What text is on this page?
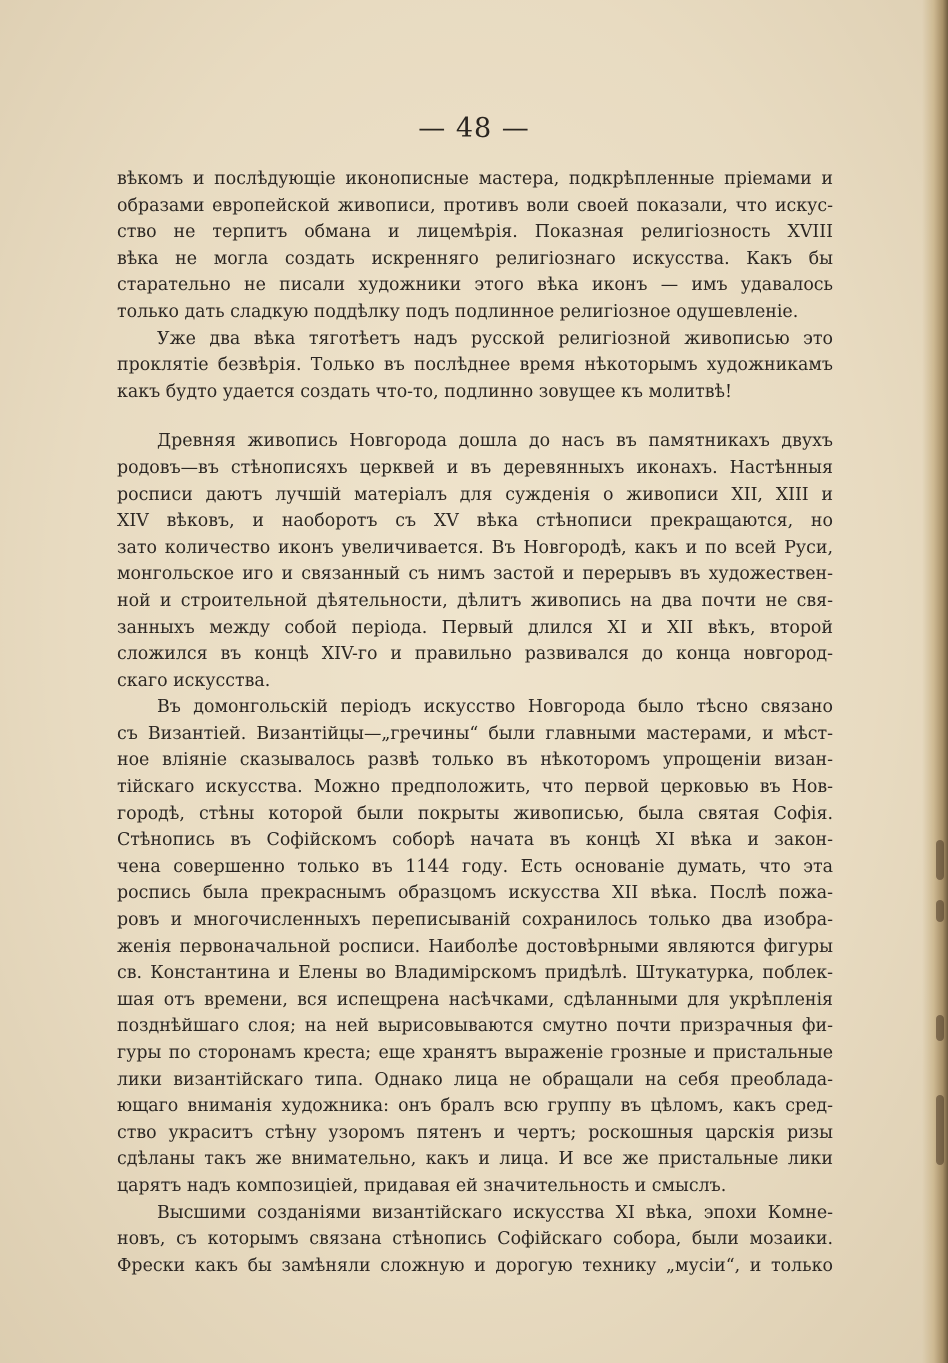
— 48 —
вѣкомъ и послѣдующіе иконописные мастера, подкрѣпленные пріемами и
образами европейской живописи, противъ воли своей показали, что искус-
ство не терпитъ обмана и лицемѣрія. Показная религіозность XVIII
вѣка не могла создать искренняго религіознаго искусства. Какъ бы
старательно не писали художники этого вѣка иконъ — имъ удавалось
только дать сладкую поддѣлку подъ подлинное религіозное одушевленіе.
Уже два вѣка тяготѣетъ надъ русской религіозной живописью это
проклятіе безвѣрія. Только въ послѣднее время нѣкоторымъ художникамъ
какъ будто удается создать что-то, подлинно зовущее къ молитвѣ!
Древняя живопись Новгорода дошла до насъ въ памятникахъ двухъ
родовъ—въ стѣнописяхъ церквей и въ деревянныхъ иконахъ. Настѣнныя
росписи даютъ лучшій матеріалъ для сужденія о живописи XII, XIII и
XIV вѣковъ, и наоборотъ съ XV вѣка стѣнописи прекращаются, но
зато количество иконъ увеличивается. Въ Новгородѣ, какъ и по всей Руси,
монгольское иго и связанный съ нимъ застой и перерывъ въ художествен-
ной и строительной дѣятельности, дѣлитъ живопись на два почти не свя-
занныхъ между собой періода. Первый длился XI и XII вѣкъ, второй
сложился въ концѣ XIV-го и правильно развивался до конца новгород-
скаго искусства.
Въ домонгольскій періодъ искусство Новгорода было тѣсно связано
съ Византіей. Византійцы—„гречины“ были главными мастерами, и мѣст-
ное вліяніе сказывалось развѣ только въ нѣкоторомъ упрощеніи визан-
тійскаго искусства. Можно предположить, что первой церковью въ Нов-
городѣ, стѣны которой были покрыты живописью, была святая Софія.
Стѣнопись въ Софійскомъ соборѣ начата въ концѣ XI вѣка и закон-
чена совершенно только въ 1144 году. Есть основаніе думать, что эта
роспись была прекраснымъ образцомъ искусства XII вѣка. Послѣ пожа-
ровъ и многочисленныхъ переписываній сохранилось только два изобра-
женія первоначальной росписи. Наиболѣе достовѣрными являются фигуры
св. Константина и Елены во Владимірскомъ придѣлѣ. Штукатурка, поблек-
шая отъ времени, вся испещрена насѣчками, сдѣланными для укрѣпленія
позднѣйшаго слоя; на ней вырисовываются смутно почти призрачныя фи-
гуры по сторонамъ креста; еще хранятъ выраженіе грозные и пристальные
лики византійскаго типа. Однако лица не обращали на себя преоблада-
ющаго вниманія художника: онъ бралъ всю группу въ цѣломъ, какъ сред-
ство украситъ стѣну узоромъ пятенъ и чертъ; роскошныя царскія ризы
сдѣланы такъ же внимательно, какъ и лица. И все же пристальные лики
царятъ надъ композиціей, придавая ей значительность и смыслъ.
Высшими созданіями византійскаго искусства XI вѣка, эпохи Комне-
новъ, съ которымъ связана стѣнопись Софійскаго собора, были мозаики.
Фрески какъ бы замѣняли сложную и дорогую технику „мусіи“, и только
